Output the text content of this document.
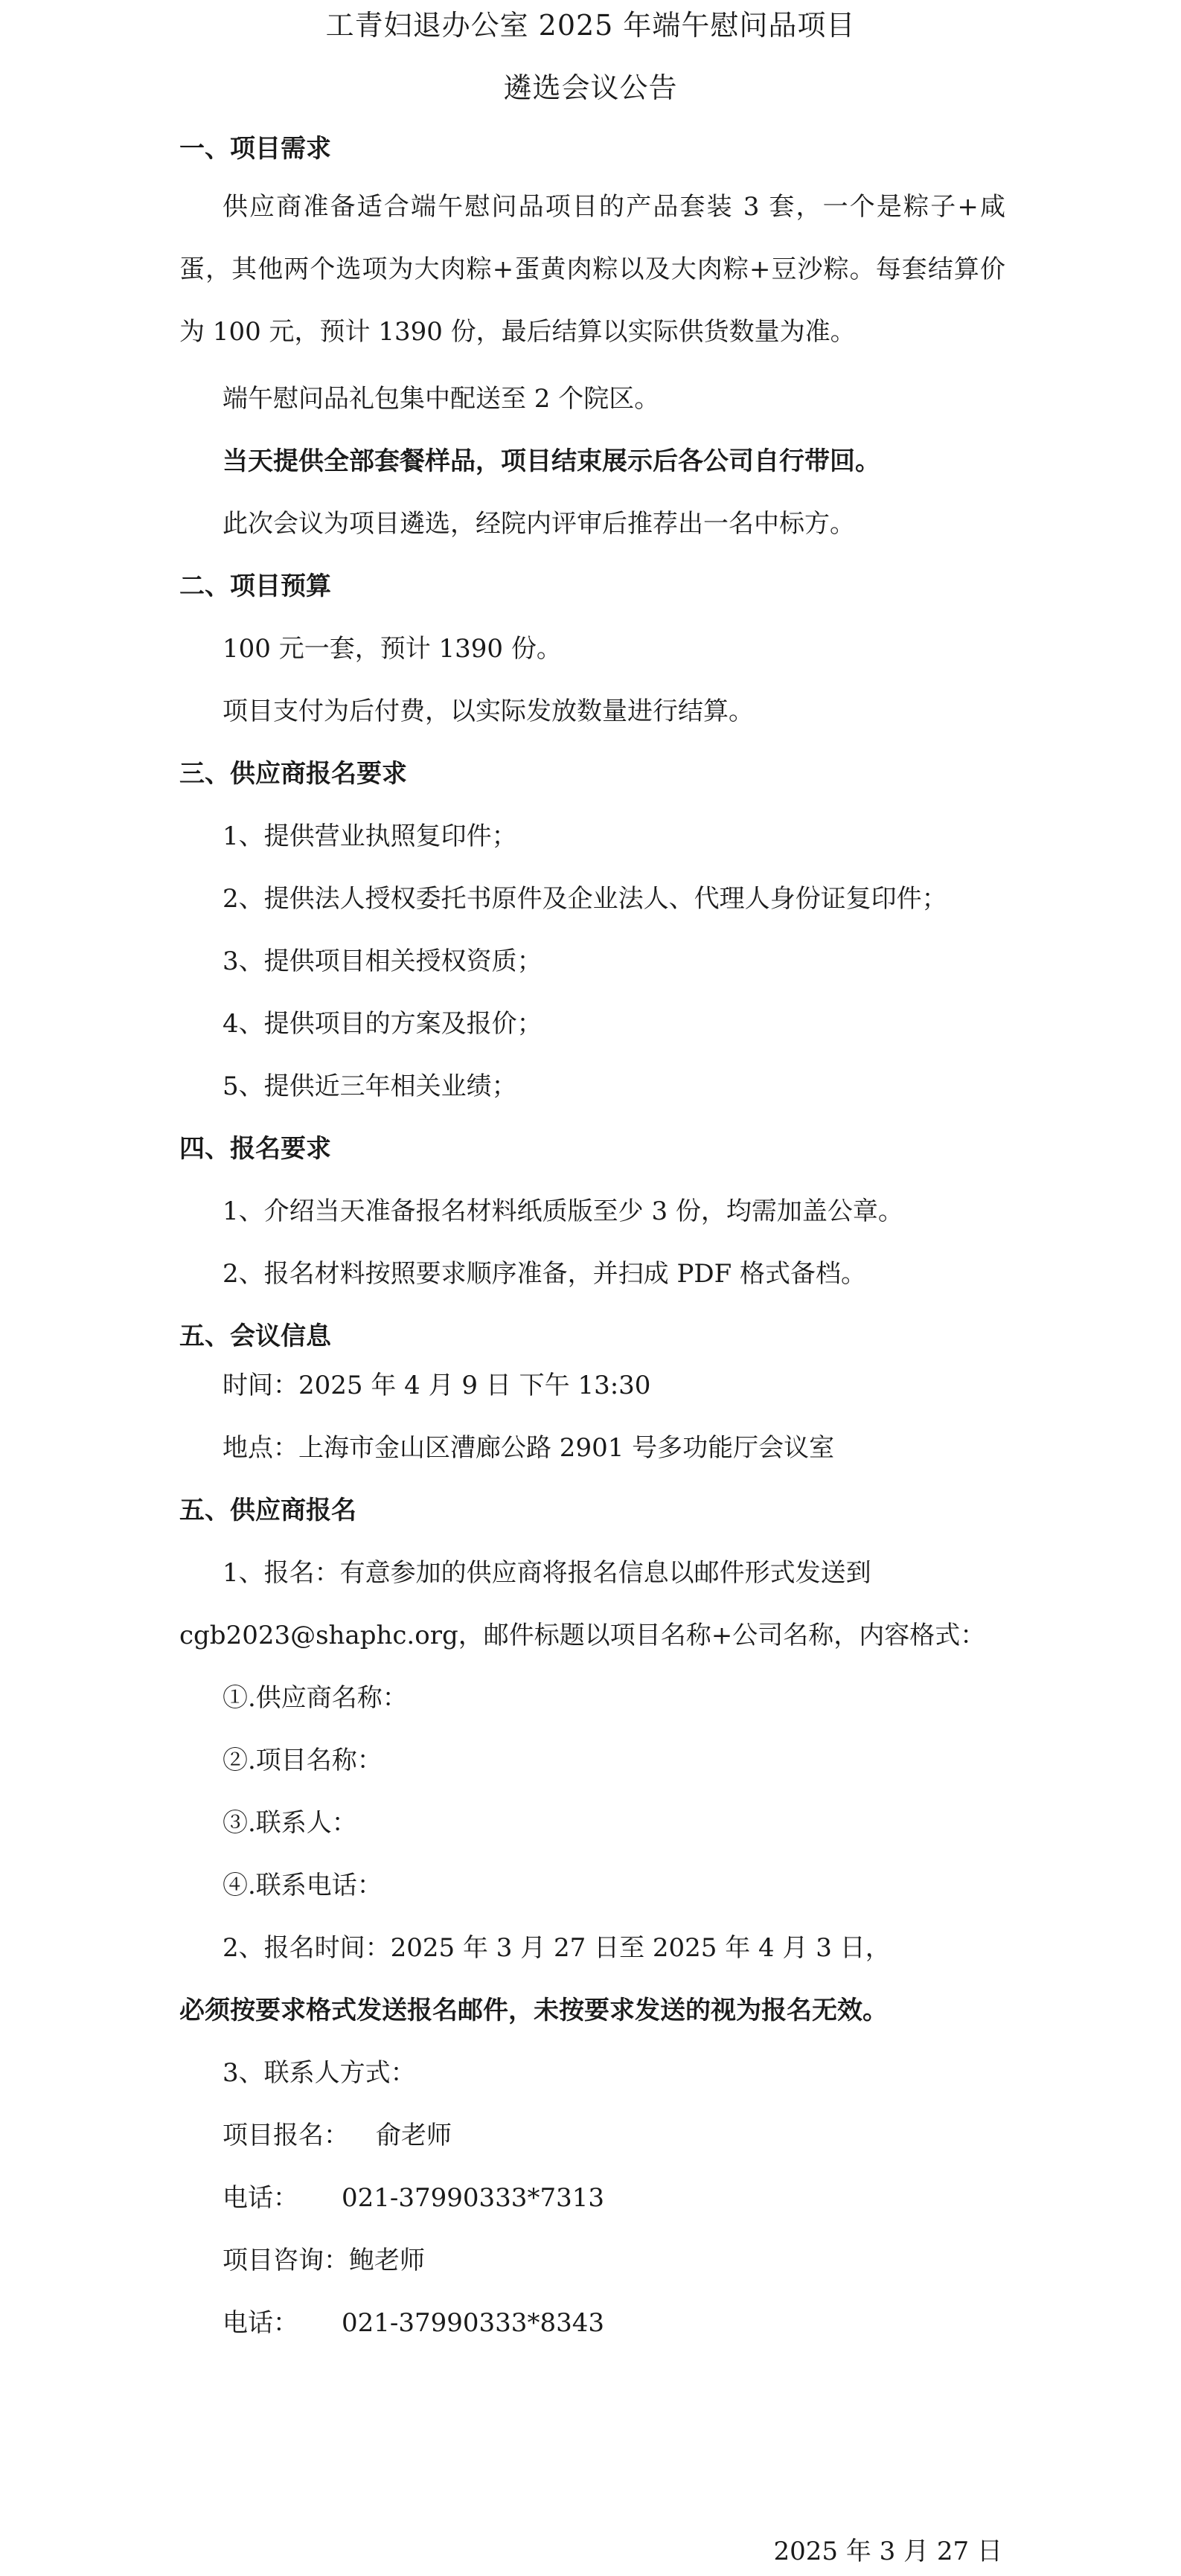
工青妇退办公室 2025 年端午慰问品项目
遴选会议公告
一、项目需求

供应商准备适合端午慰问品项目的产品套装 3 套，一个是粽子+咸蛋，其他两个选项为大肉粽+蛋黄肉粽以及大肉粽+豆沙粽。每套结算价为 100 元，预计 1390 份，最后结算以实际供货数量为准。

端午慰问品礼包集中配送至 2 个院区。
当天提供全部套餐样品，项目结束展示后各公司自行带回。
此次会议为项目遴选，经院内评审后推荐出一名中标方。
二、项目预算
100 元一套，预计 1390 份。
项目支付为后付费，以实际发放数量进行结算。
三、供应商报名要求
1、提供营业执照复印件；
2、提供法人授权委托书原件及企业法人、代理人身份证复印件；
3、提供项目相关授权资质；
4、提供项目的方案及报价；
5、提供近三年相关业绩；
四、报名要求
1、介绍当天准备报名材料纸质版至少 3 份，均需加盖公章。
2、报名材料按照要求顺序准备，并扫成 PDF 格式备档。
五、会议信息
时间：2025 年 4 月 9 日 下午 13:30
地点：上海市金山区漕廊公路 2901 号多功能厅会议室
五、供应商报名
1、报名：有意参加的供应商将报名信息以邮件形式发送到
cgb2023@shaphc.org，邮件标题以项目名称+公司名称，内容格式：
①.供应商名称：
②.项目名称：
③.联系人：
④.联系电话：
2、报名时间：2025 年 3 月 27 日至 2025 年 4 月 3 日，
必须按要求格式发送报名邮件，未按要求发送的视为报名无效。
3、联系人方式：
项目报名： 俞老师
电话： 021-37990333*7313
项目咨询：鲍老师
电话： 021-37990333*8343
2025 年 3 月 27 日
